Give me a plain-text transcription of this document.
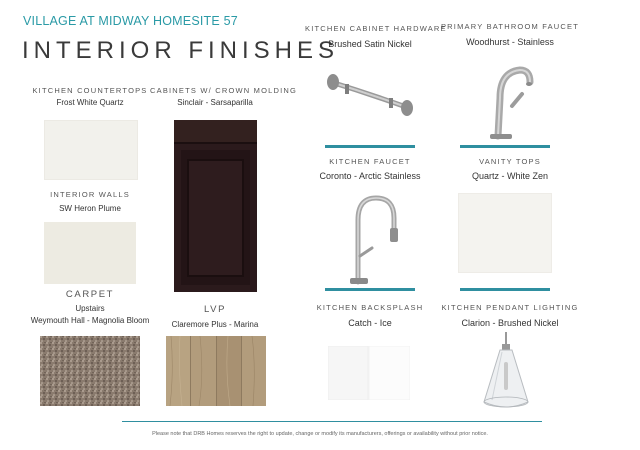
VILLAGE AT MIDWAY HOMESITE 57
INTERIOR FINISHES
KITCHEN COUNTERTOPS
Frost White Quartz
CABINETS W/ CROWN MOLDING
Sinclair - Sarsaparilla
INTERIOR WALLS
SW Heron Plume
CARPET
Upstairs
Weymouth Hall - Magnolia Bloom
LVP
Claremore Plus - Marina
KITCHEN CABINET HARDWARE
Brushed Satin Nickel
PRIMARY BATHROOM FAUCET
Woodhurst - Stainless
KITCHEN FAUCET
Coronto - Arctic Stainless
VANITY TOPS
Quartz - White Zen
KITCHEN BACKSPLASH
Catch - Ice
KITCHEN PENDANT LIGHTING
Clarion - Brushed Nickel
Please note that DRB Homes reserves the right to update, change or modify its manufacturers, offerings or availability without prior notice.
